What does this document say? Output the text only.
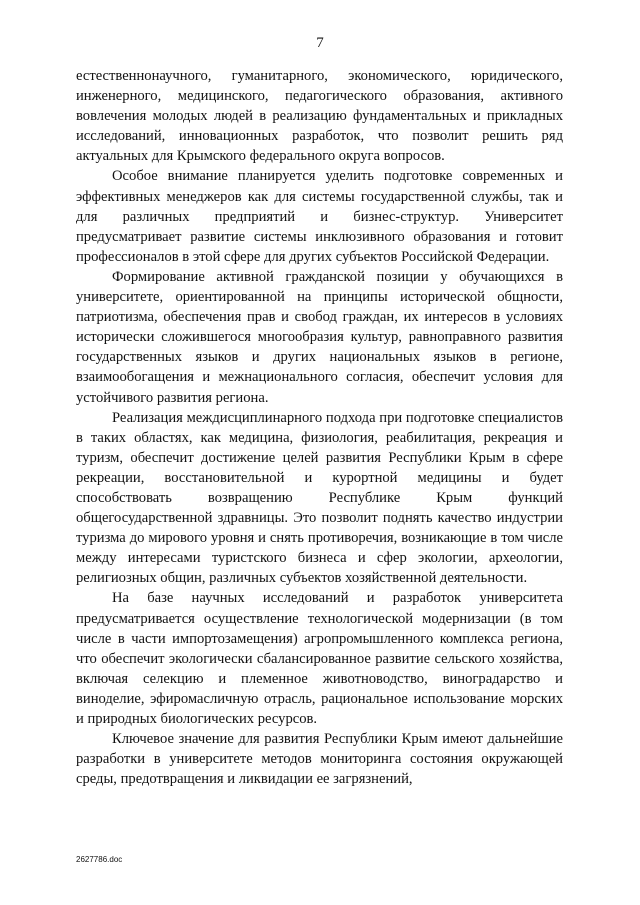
7

естественнонаучного, гуманитарного, экономического, юридического, инженерного, медицинского, педагогического образования, активного вовлечения молодых людей в реализацию фундаментальных и прикладных исследований, инновационных разработок, что позволит решить ряд актуальных для Крымского федерального округа вопросов.

Особое внимание планируется уделить подготовке современных и эффективных менеджеров как для системы государственной службы, так и для различных предприятий и бизнес-структур. Университет предусматривает развитие системы инклюзивного образования и готовит профессионалов в этой сфере для других субъектов Российской Федерации.

Формирование активной гражданской позиции у обучающихся в университете, ориентированной на принципы исторической общности, патриотизма, обеспечения прав и свобод граждан, их интересов в условиях исторически сложившегося многообразия культур, равноправного развития государственных языков и других национальных языков в регионе, взаимообогащения и межнационального согласия, обеспечит условия для устойчивого развития региона.

Реализация междисциплинарного подхода при подготовке специалистов в таких областях, как медицина, физиология, реабилитация, рекреация и туризм, обеспечит достижение целей развития Республики Крым в сфере рекреации, восстановительной и курортной медицины и будет способствовать возвращению Республике Крым функций общегосударственной здравницы. Это позволит поднять качество индустрии туризма до мирового уровня и снять противоречия, возникающие в том числе между интересами туристского бизнеса и сфер экологии, археологии, религиозных общин, различных субъектов хозяйственной деятельности.

На базе научных исследований и разработок университета предусматривается осуществление технологической модернизации (в том числе в части импортозамещения) агропромышленного комплекса региона, что обеспечит экологически сбалансированное развитие сельского хозяйства, включая селекцию и племенное животноводство, виноградарство и виноделие, эфиромасличную отрасль, рациональное использование морских и природных биологических ресурсов.

Ключевое значение для развития Республики Крым имеют дальнейшие разработки в университете методов мониторинга состояния окружающей среды, предотвращения и ликвидации ее загрязнений,

2627786.doc
